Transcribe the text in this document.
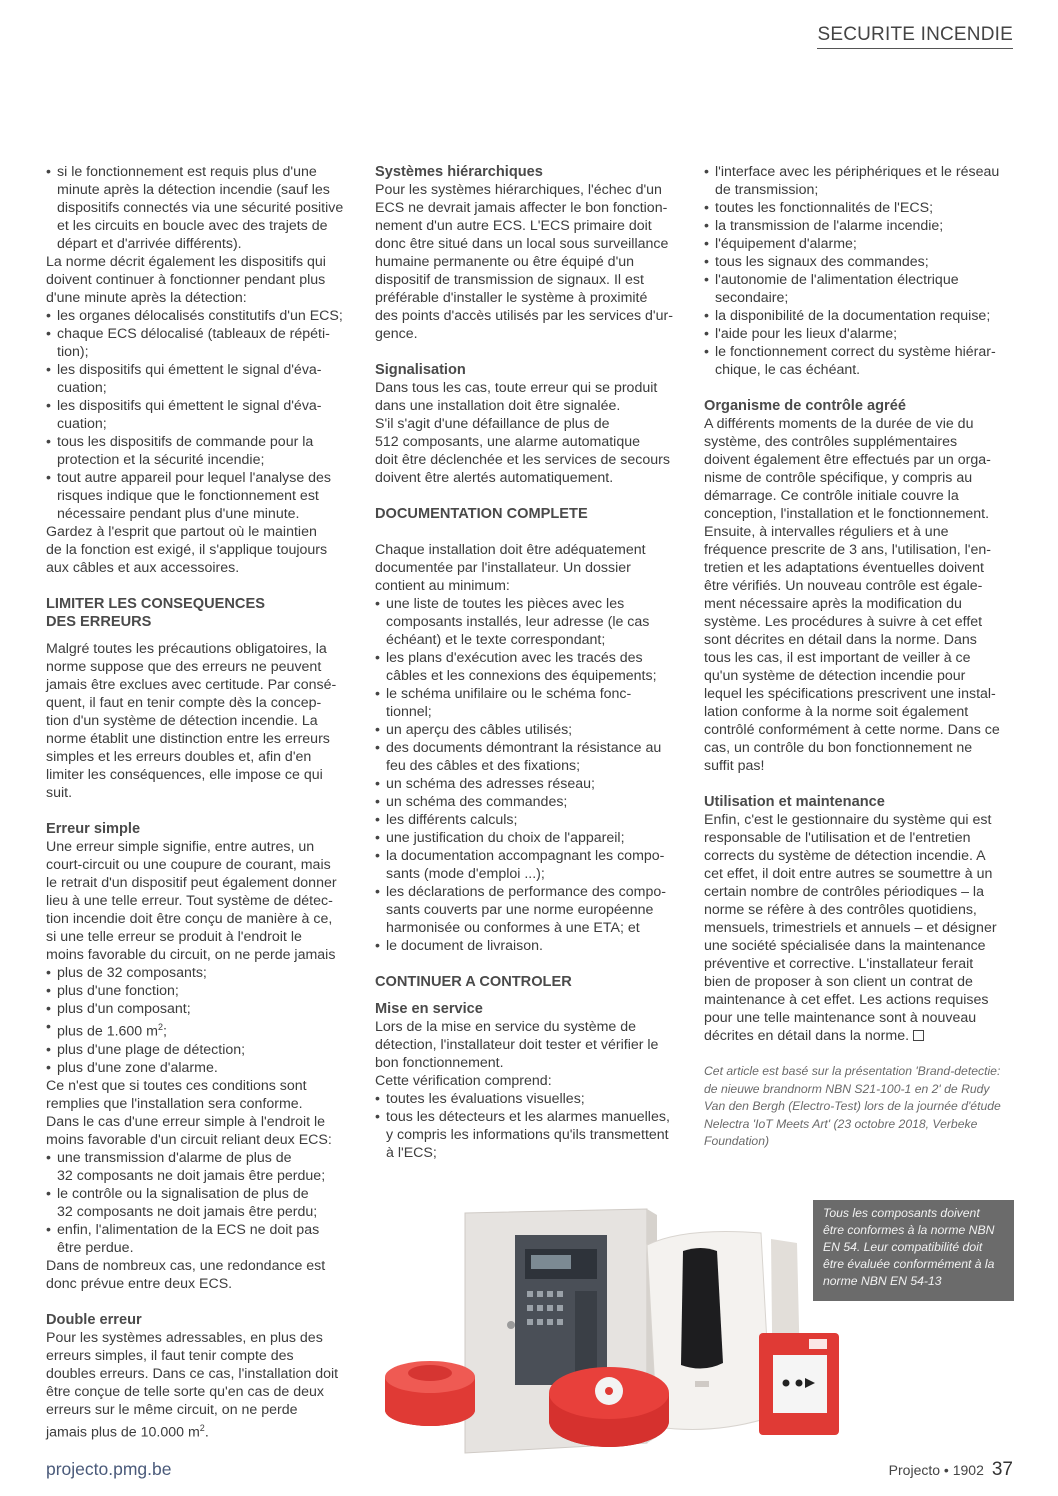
SECURITE INCENDIE
• si le fonctionnement est requis plus d'une
minute après la détection incendie (sauf les
dispositifs connectés via une sécurité positive
et les circuits en boucle avec des trajets de
départ et d'arrivée différents).

La norme décrit également les dispositifs qui
doivent continuer à fonctionner pendant plus
d'une minute après la détection:

• les organes délocalisés constitutifs d'un ECS;
• chaque ECS délocalisé (tableaux de répéti-
tion);
• les dispositifs qui émettent le signal d'éva-
cuation;
• les dispositifs qui émettent le signal d'éva-
cuation;
• tous les dispositifs de commande pour la
protection et la sécurité incendie;
• tout autre appareil pour lequel l'analyse des
risques indique que le fonctionnement est
nécessaire pendant plus d'une minute.

Gardez à l'esprit que partout où le maintien
de la fonction est exigé, il s'applique toujours
aux câbles et aux accessoires.

LIMITER LES CONSEQUENCES
DES ERREURS

Malgré toutes les précautions obligatoires, la
norme suppose que des erreurs ne peuvent
jamais être exclues avec certitude. Par consé-
quent, il faut en tenir compte dès la concep-
tion d'un système de détection incendie. La
norme établit une distinction entre les erreurs
simples et les erreurs doubles et, afin d'en
limiter les conséquences, elle impose ce qui
suit.

Erreur simple

Une erreur simple signifie, entre autres, un
court-circuit ou une coupure de courant, mais
le retrait d'un dispositif peut également donner
lieu à une telle erreur. Tout système de détec-
tion incendie doit être conçu de manière à ce,
si une telle erreur se produit à l'endroit le
moins favorable du circuit, on ne perde jamais

• plus de 32 composants;
• plus d'une fonction;
• plus d'un composant;
• plus de 1.600 $m^2$;
• plus d'une plage de détection;
• plus d'une zone d'alarme.

Ce n'est que si toutes ces conditions sont
remplies que l'installation sera conforme.
Dans le cas d'une erreur simple à l'endroit le
moins favorable d'un circuit reliant deux ECS:

• une transmission d'alarme de plus de
32 composants ne doit jamais être perdue;
• le contrôle ou la signalisation de plus de
32 composants ne doit jamais être perdu;
• enfin, l'alimentation de la ECS ne doit pas
être perdue.

Dans de nombreux cas, une redondance est
donc prévue entre deux ECS.

Double erreur

Pour les systèmes adressables, en plus des
erreurs simples, il faut tenir compte des
doubles erreurs. Dans ce cas, l'installation doit
être conçue de telle sorte qu'en cas de deux
erreurs sur le même circuit, on ne perde
jamais plus de 10.000 $m^2$.

Systèmes hiérarchiques

Pour les systèmes hiérarchiques, l'échec d'un
ECS ne devrait jamais affecter le bon fonction-
nement d'un autre ECS. L'ECS primaire doit
donc être situé dans un local sous surveillance
humaine permanente ou être équipé d'un
dispositif de transmission de signaux. Il est
préférable d'installer le système à proximité
des points d'accès utilisés par les services d'ur-
gence.

Signalisation

Dans tous les cas, toute erreur qui se produit
dans une installation doit être signalée.
S'il s'agit d'une défaillance de plus de
512 composants, une alarme automatique
doit être déclenchée et les services de secours
doivent être alertés automatiquement.

DOCUMENTATION COMPLETE

Chaque installation doit être adéquatement
documentée par l'installateur. Un dossier
contient au minimum:

• une liste de toutes les pièces avec les
composants installés, leur adresse (le cas
échéant) et le texte correspondant;
• les plans d'exécution avec les tracés des
câbles et les connexions des équipements;
• le schéma unifilaire ou le schéma fonc-
tionnel;
• un aperçu des câbles utilisés;
• des documents démontrant la résistance au
feu des câbles et des fixations;
• un schéma des adresses réseau;
• un schéma des commandes;
• les différents calculs;
• une justification du choix de l'appareil;
• la documentation accompagnant les compo-
sants (mode d'emploi ...);
• les déclarations de performance des compo-
sants couverts par une norme européenne
harmonisée ou conformes à une ETA; et
• le document de livraison.
CONTINUER A CONTROLER
Mise en service

Lors de la mise en service du système de
détection, l'installateur doit tester et vérifier le
bon fonctionnement.

Cette vérification comprend:

• toutes les évaluations visuelles;
• tous les détecteurs et les alarmes manuelles,
y compris les informations qu'ils transmettent
à l'ECS;
• l'interface avec les périphériques et le réseau
de transmission;
• toutes les fonctionnalités de l'ECS;
• la transmission de l'alarme incendie;
• l'équipement d'alarme;
• tous les signaux des commandes;
• l'autonomie de l'alimentation électrique
secondaire;
• la disponibilité de la documentation requise;
• l'aide pour les lieux d'alarme;
• le fonctionnement correct du système hiérar-
chique, le cas échéant.
Organisme de contrôle agréé

A différents moments de la durée de vie du
système, des contrôles supplémentaires
doivent également être effectués par un orga-
nisme de contrôle spécifique, y compris au
démarrage. Ce contrôle initiale couvre la
conception, l'installation et le fonctionnement.
Ensuite, à intervalles réguliers et à une
fréquence prescrite de 3 ans, l'utilisation, l'en-
tretien et les adaptations éventuelles doivent
être vérifiés. Un nouveau contrôle est égale-
ment nécessaire après la modification du
système. Les procédures à suivre à cet effet
sont décrites en détail dans la norme. Dans
tous les cas, il est important de veiller à ce
qu'un système de détection incendie pour
lequel les spécifications prescrivent une instal-
lation conforme à la norme soit également
contrôlé conformément à cette norme. Dans ce
cas, un contrôle du bon fonctionnement ne
suffit pas!

Utilisation et maintenance

Enfin, c'est le gestionnaire du système qui est
responsable de l'utilisation et de l'entretien
corrects du système de détection incendie. A
cet effet, il doit entre autres se soumettre à un
certain nombre de contrôles périodiques – la
norme se réfère à des contrôles quotidiens,
mensuels, trimestriels et annuels – et désigner
une société spécialisée dans la maintenance
préventive et corrective. L'installateur ferait
bien de proposer à son client un contrat de
maintenance à cet effet. Les actions requises
pour une telle maintenance sont à nouveau
décrites en détail dans la norme.

Cet article est basé sur la présentation 'Brand-detectie:
de nieuwe brandnorm NBN S21-100-1 en 2' de Rudy
Van den Bergh (Electro-Test) lors de la journée d'étude
Nelectra 'IoT Meets Art' (23 octobre 2018, Verbeke
Foundation)

Tous les composants doivent
être conformes à la norme NBN
EN 54. Leur compatibilité doit
être évaluée conformément à la
norme NBN EN 54-13
projecto.pmg.be	Projecto • 1902 37
